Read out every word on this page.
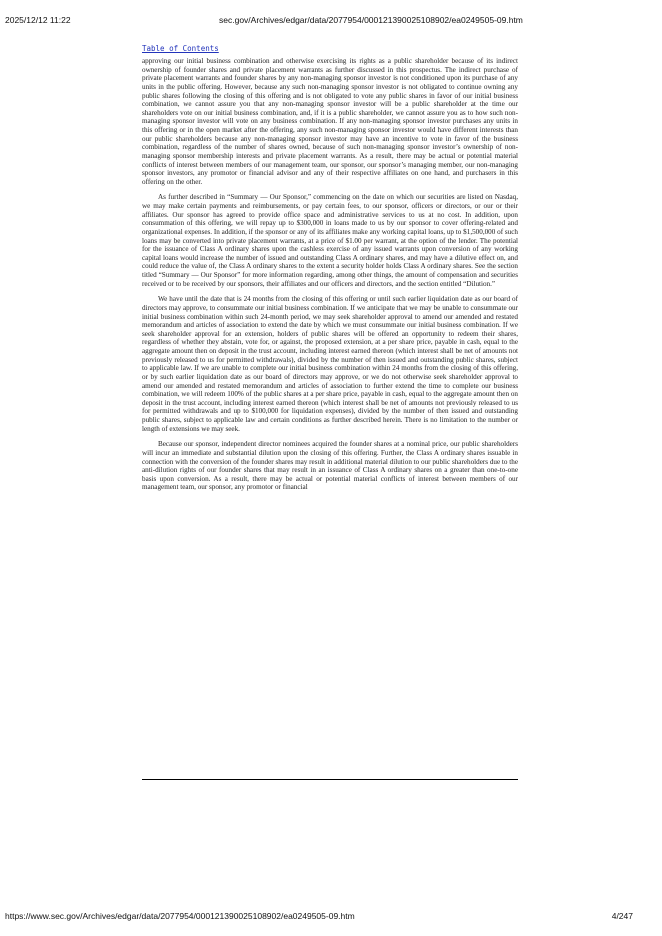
2025/12/12 11:22	sec.gov/Archives/edgar/data/2077954/000121390025108902/ea0249505-09.htm
Table of Contents

approving our initial business combination and otherwise exercising its rights as a public shareholder because of its indirect ownership of founder shares and private placement warrants as further discussed in this prospectus. The indirect purchase of private placement warrants and founder shares by any non-managing sponsor investor is not conditioned upon its purchase of any units in the public offering. However, because any such non-managing sponsor investor is not obligated to continue owning any public shares following the closing of this offering and is not obligated to vote any public shares in favor of our initial business combination, we cannot assure you that any non-managing sponsor investor will be a public shareholder at the time our shareholders vote on our initial business combination, and, if it is a public shareholder, we cannot assure you as to how such non-managing sponsor investor will vote on any business combination. If any non-managing sponsor investor purchases any units in this offering or in the open market after the offering, any such non-managing sponsor investor would have different interests than our public shareholders because any non-managing sponsor investor may have an incentive to vote in favor of the business combination, regardless of the number of shares owned, because of such non-managing sponsor investor’s ownership of non-managing sponsor membership interests and private placement warrants. As a result, there may be actual or potential material conflicts of interest between members of our management team, our sponsor, our sponsor’s managing member, our non-managing sponsor investors, any promotor or financial advisor and any of their respective affiliates on one hand, and purchasers in this offering on the other.

As further described in “Summary — Our Sponsor,” commencing on the date on which our securities are listed on Nasdaq, we may make certain payments and reimbursements, or pay certain fees, to our sponsor, officers or directors, or our or their affiliates. Our sponsor has agreed to provide office space and administrative services to us at no cost. In addition, upon consummation of this offering, we will repay up to $300,000 in loans made to us by our sponsor to cover offering-related and organizational expenses. In addition, if the sponsor or any of its affiliates make any working capital loans, up to $1,500,000 of such loans may be converted into private placement warrants, at a price of $1.00 per warrant, at the option of the lender. The potential for the issuance of Class A ordinary shares upon the cashless exercise of any issued warrants upon conversion of any working capital loans would increase the number of issued and outstanding Class A ordinary shares, and may have a dilutive effect on, and could reduce the value of, the Class A ordinary shares to the extent a security holder holds Class A ordinary shares. See the section titled “Summary — Our Sponsor” for more information regarding, among other things, the amount of compensation and securities received or to be received by our sponsors, their affiliates and our officers and directors, and the section entitled “Dilution.”

We have until the date that is 24 months from the closing of this offering or until such earlier liquidation date as our board of directors may approve, to consummate our initial business combination. If we anticipate that we may be unable to consummate our initial business combination within such 24-month period, we may seek shareholder approval to amend our amended and restated memorandum and articles of association to extend the date by which we must consummate our initial business combination. If we seek shareholder approval for an extension, holders of public shares will be offered an opportunity to redeem their shares, regardless of whether they abstain, vote for, or against, the proposed extension, at a per share price, payable in cash, equal to the aggregate amount then on deposit in the trust account, including interest earned thereon (which interest shall be net of amounts not previously released to us for permitted withdrawals), divided by the number of then issued and outstanding public shares, subject to applicable law. If we are unable to complete our initial business combination within 24 months from the closing of this offering, or by such earlier liquidation date as our board of directors may approve, or we do not otherwise seek shareholder approval to amend our amended and restated memorandum and articles of association to further extend the time to complete our business combination, we will redeem 100% of the public shares at a per share price, payable in cash, equal to the aggregate amount then on deposit in the trust account, including interest earned thereon (which interest shall be net of amounts not previously released to us for permitted withdrawals and up to $100,000 for liquidation expenses), divided by the number of then issued and outstanding public shares, subject to applicable law and certain conditions as further described herein. There is no limitation to the number or length of extensions we may seek.

Because our sponsor, independent director nominees acquired the founder shares at a nominal price, our public shareholders will incur an immediate and substantial dilution upon the closing of this offering. Further, the Class A ordinary shares issuable in connection with the conversion of the founder shares may result in additional material dilution to our public shareholders due to the anti-dilution rights of our founder shares that may result in an issuance of Class A ordinary shares on a greater than one-to-one basis upon conversion. As a result, there may be actual or potential material conflicts of interest between members of our management team, our sponsor, any promotor or financial

https://www.sec.gov/Archives/edgar/data/2077954/000121390025108902/ea0249505-09.htm	4/247
